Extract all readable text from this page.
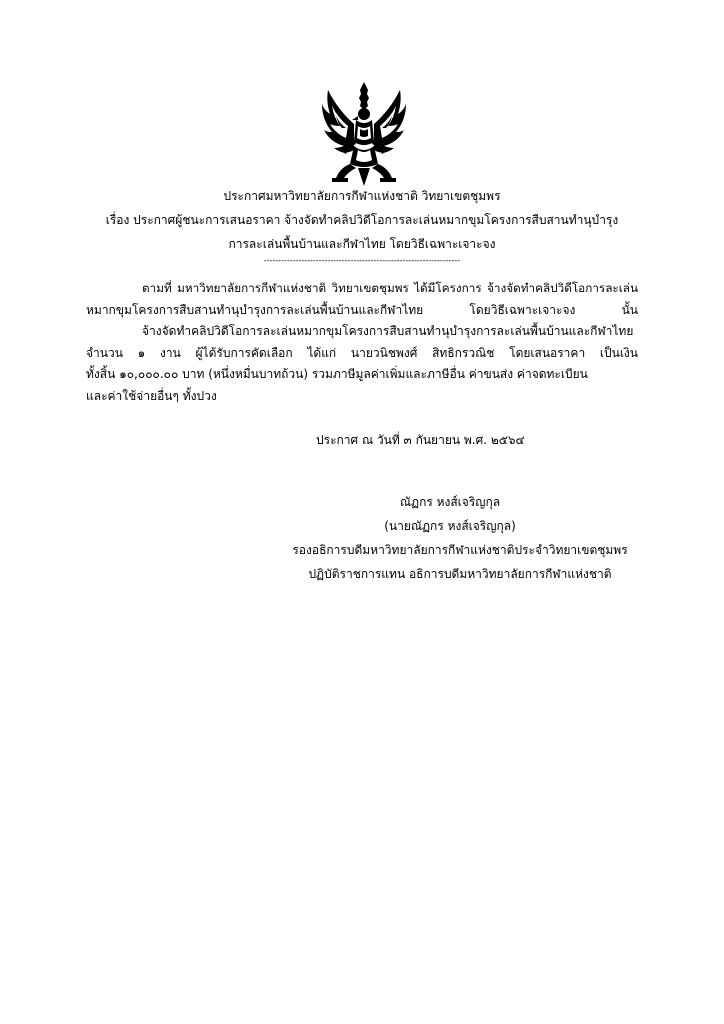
ประกาศมหาวิทยาลัยการกีฬาแห่งชาติ วิทยาเขตชุมพร
เรื่อง ประกาศผู้ชนะการเสนอราคา จ้างจัดทำคลิปวิดีโอการละเล่นหมากขุมโครงการสืบสานทำนุบำรุง
การละเล่นพื้นบ้านและกีฬาไทย โดยวิธีเฉพาะเจาะจง
--------------------------------------------------------------------
ตามที่ มหาวิทยาลัยการกีฬาแห่งชาติ วิทยาเขตชุมพร ได้มีโครงการ จ้างจัดทำคลิปวิดีโอการละเล่น
หมากขุมโครงการสืบสานทำนุบำรุงการละเล่นพื้นบ้านและกีฬาไทย โดยวิธีเฉพาะเจาะจง นั้น
จ้างจัดทำคลิปวิดีโอการละเล่นหมากขุมโครงการสืบสานทำนุบำรุงการละเล่นพื้นบ้านและกีฬาไทย
จำนวน ๑ งาน ผู้ได้รับการคัดเลือก ได้แก่ นายวนิชพงศ์ สิทธิกรวณิช โดยเสนอราคา เป็นเงิน
ทั้งสิ้น ๑๐,๐๐๐.๐๐ บาท (หนึ่งหมื่นบาทถ้วน) รวมภาษีมูลค่าเพิ่มและภาษีอื่น ค่าขนส่ง ค่าจดทะเบียน
และค่าใช้จ่ายอื่นๆ ทั้งปวง
ประกาศ ณ วันที่ ๓ กันยายน พ.ศ. ๒๕๖๔
ณัฏกร หงส์เจริญกุล
(นายณัฏกร หงส์เจริญกุล)
รองอธิการบดีมหาวิทยาลัยการกีฬาแห่งชาติประจำวิทยาเขตชุมพร
ปฏิบัติราชการแทน อธิการบดีมหาวิทยาลัยการกีฬาแห่งชาติ
